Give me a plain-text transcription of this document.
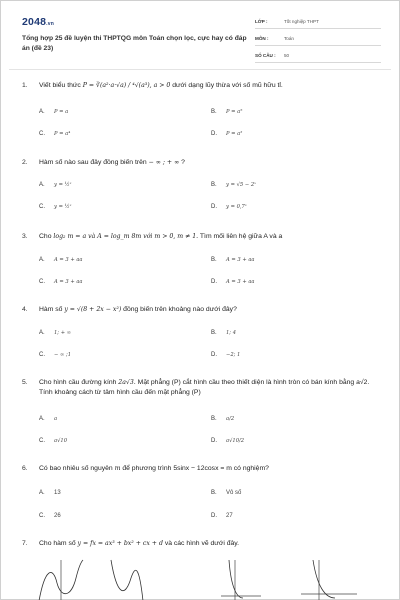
2048.vn
Tổng hợp 25 đề luyện thi THPTQG môn Toán chọn lọc, cực hay có đáp án (đề 23)
LỚP :	Tốt nghiệp THPT
MÔN :	Toán
SỐ CÂU :	50
1.	Viết biểu thức P = ∛(a²·a·√a) / ⁴√(a³), a > 0 dưới dạng lũy thừa với số mũ hữu tỉ.
A.	P = a	B.	P = a⁵
C.	P = a⁴	D.	P = a²
2.	Hàm số nào sau đây đồng biến trên − ∞ ; + ∞ ?
A.	y = ½ˣ	B.	y = √5 − 2ˣ
C.	y = ½ˣ	D.	y = 0,7ˣ
3.	Cho log₂ m = a và A = log_m 8m với m > 0, m ≠ 1. Tìm mối liên hệ giữa A và a
A.	A = 3 + aa	B.	A = 3 + aa
C.	A = 3 + aa	D.	A = 3 + aa
4.	Hàm số y = √(8 + 2x − x²) đồng biến trên khoảng nào dưới đây?
A.	1; + ∞	B.	1; 4
C.	− ∞ ;1	D.	−2; 1
5.	Cho hình cầu đường kính 2a√3. Mặt phẳng (P) cắt hình cầu theo thiết diện là hình tròn có bán kính bằng a√2. Tính khoảng cách từ tâm hình cầu đến mặt phẳng (P)
A.	a	B.	a/2
C.	a√10	D.	a√10/2
6.	Có bao nhiêu số nguyên m để phương trình 5sinx − 12cosx = m có nghiệm?
A.	13	B.	Vô số
C.	26	D.	27
7.	Cho hàm số y = fx = ax³ + bx² + cx + d và các hình vẽ dưới đây.
